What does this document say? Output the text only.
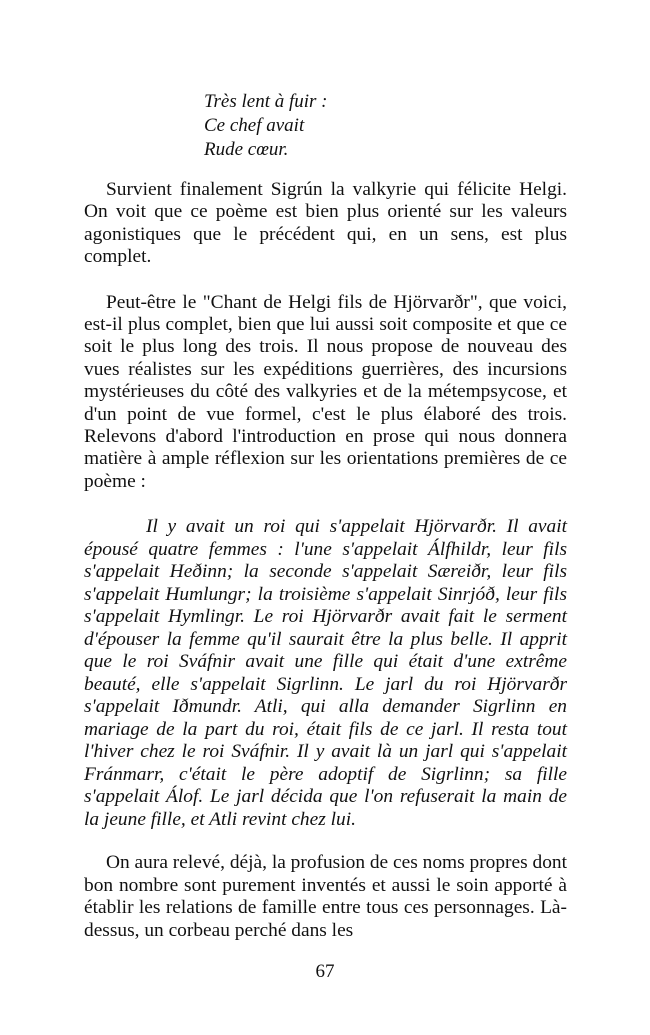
Très lent à fuir :
Ce chef avait
Rude cœur.

Survient finalement Sigrún la valkyrie qui félicite Helgi. On voit que ce poème est bien plus orienté sur les valeurs agonistiques que le précédent qui, en un sens, est plus complet.

Peut-être le "Chant de Helgi fils de Hjörvarðr", que voici, est-il plus complet, bien que lui aussi soit composite et que ce soit le plus long des trois. Il nous propose de nouveau des vues réalistes sur les expéditions guerrières, des incursions mystérieuses du côté des valkyries et de la métempsycose, et d'un point de vue formel, c'est le plus élaboré des trois. Relevons d'abord l'introduction en prose qui nous donnera matière à ample réflexion sur les orientations premières de ce poème :

Il y avait un roi qui s'appelait Hjörvarðr. Il avait épousé quatre femmes : l'une s'appelait Álfhildr, leur fils s'appelait Heðinn; la seconde s'appelait Særeiðr, leur fils s'appelait Humlungr; la troisième s'appelait Sinrjóð, leur fils s'appelait Hymlingr. Le roi Hjörvarðr avait fait le serment d'épouser la femme qu'il saurait être la plus belle. Il apprit que le roi Sváfnir avait une fille qui était d'une extrême beauté, elle s'appelait Sigrlinn. Le jarl du roi Hjörvarðr s'appelait Iðmundr. Atli, qui alla demander Sigrlinn en mariage de la part du roi, était fils de ce jarl. Il resta tout l'hiver chez le roi Sváfnir. Il y avait là un jarl qui s'appelait Fránmarr, c'était le père adoptif de Sigrlinn; sa fille s'appelait Álof. Le jarl décida que l'on refuserait la main de la jeune fille, et Atli revint chez lui.

On aura relevé, déjà, la profusion de ces noms propres dont bon nombre sont purement inventés et aussi le soin apporté à établir les relations de famille entre tous ces personnages. Là-dessus, un corbeau perché dans les

67
